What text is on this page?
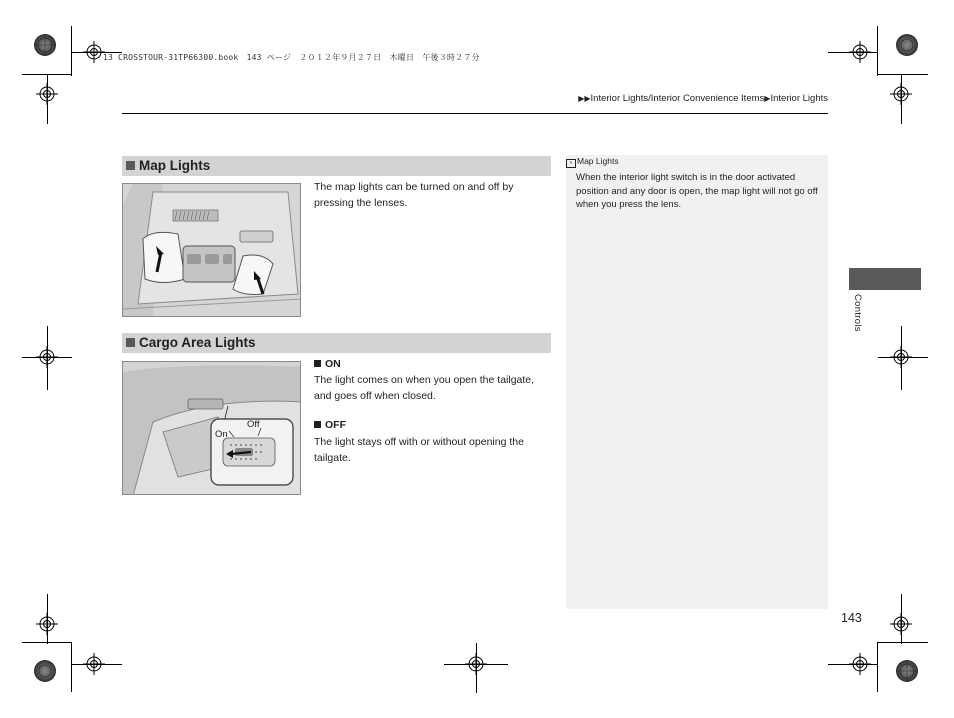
13 CROSSTOUR-31TP66300.book　143 ページ　２０１２年９月２７日　木曜日　午後３時２７分
▶▶Interior Lights/Interior Convenience Items▶Interior Lights
Map Lights
The map lights can be turned on and off by pressing the lenses.
Cargo Area Lights
On
Off
ON
The light comes on when you open the tailgate, and goes off when closed.
OFF
The light stays off with or without opening the tailgate.
» Map Lights
When the interior light switch is in the door activated position and any door is open, the map light will not go off when you press the lens.
Controls
143
